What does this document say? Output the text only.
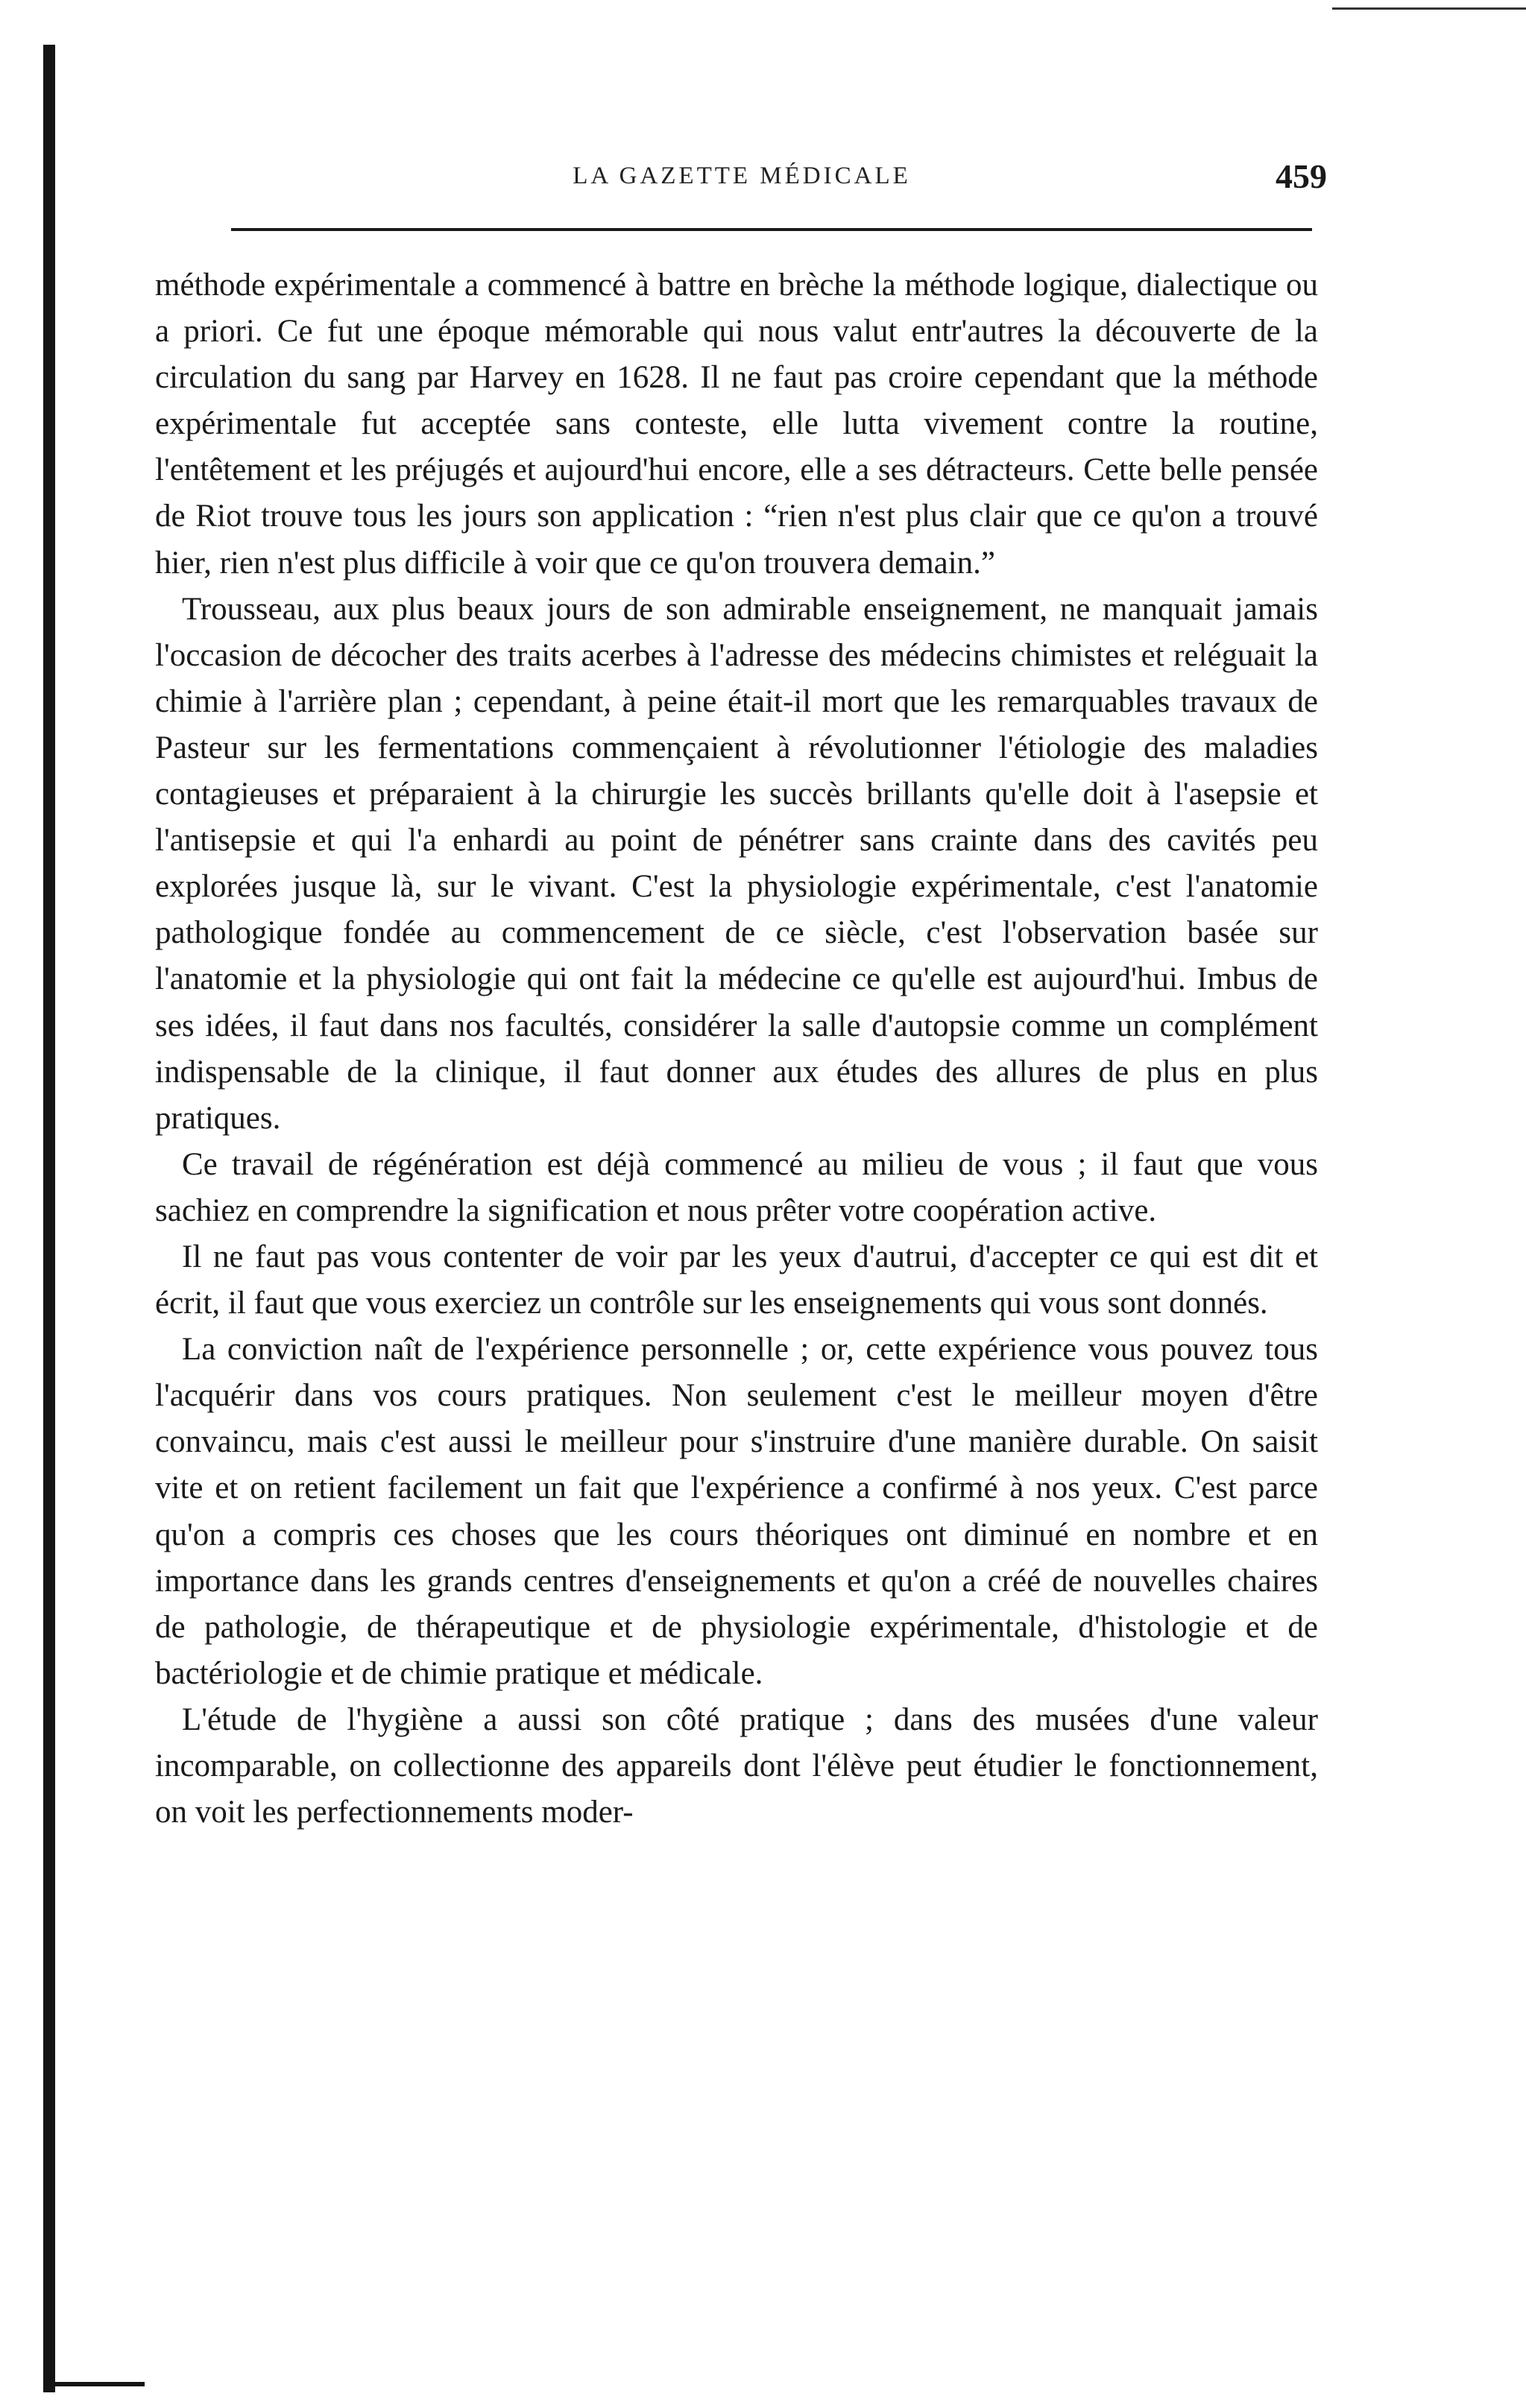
LA GAZETTE MÉDICALE	459

méthode expérimentale a commencé à battre en brèche la méthode logique, dialectique ou a priori. Ce fut une époque mémorable qui nous valut entr'autres la découverte de la circulation du sang par Harvey en 1628. Il ne faut pas croire cependant que la méthode expérimentale fut acceptée sans conteste, elle lutta vivement contre la routine, l'entêtement et les préjugés et aujourd'hui encore, elle a ses détracteurs. Cette belle pensée de Riot trouve tous les jours son application : “rien n'est plus clair que ce qu'on a trouvé hier, rien n'est plus difficile à voir que ce qu'on trouvera demain.”

Trousseau, aux plus beaux jours de son admirable enseignement, ne manquait jamais l'occasion de décocher des traits acerbes à l'adresse des médecins chimistes et reléguait la chimie à l'arrière plan ; cependant, à peine était-il mort que les remarquables travaux de Pasteur sur les fermentations commençaient à révolutionner l'étiologie des maladies contagieuses et préparaient à la chirurgie les succès brillants qu'elle doit à l'asepsie et l'antisepsie et qui l'a enhardi au point de pénétrer sans crainte dans des cavités peu explorées jusque là, sur le vivant. C'est la physiologie expérimentale, c'est l'anatomie pathologique fondée au commencement de ce siècle, c'est l'observation basée sur l'anatomie et la physiologie qui ont fait la médecine ce qu'elle est aujourd'hui. Imbus de ses idées, il faut dans nos facultés, considérer la salle d'autopsie comme un complément indispensable de la clinique, il faut donner aux études des allures de plus en plus pratiques.

Ce travail de régénération est déjà commencé au milieu de vous ; il faut que vous sachiez en comprendre la signification et nous prêter votre coopération active.

Il ne faut pas vous contenter de voir par les yeux d'autrui, d'accepter ce qui est dit et écrit, il faut que vous exerciez un contrôle sur les enseignements qui vous sont donnés.

La conviction naît de l'expérience personnelle ; or, cette expérience vous pouvez tous l'acquérir dans vos cours pratiques. Non seulement c'est le meilleur moyen d'être convaincu, mais c'est aussi le meilleur pour s'instruire d'une manière durable. On saisit vite et on retient facilement un fait que l'expérience a confirmé à nos yeux. C'est parce qu'on a compris ces choses que les cours théoriques ont diminué en nombre et en importance dans les grands centres d'enseignements et qu'on a créé de nouvelles chaires de pathologie, de thérapeutique et de physiologie expérimentale, d'histologie et de bactériologie et de chimie pratique et médicale.

L'étude de l'hygiène a aussi son côté pratique ; dans des musées d'une valeur incomparable, on collectionne des appareils dont l'élève peut étudier le fonctionnement, on voit les perfectionnements moder-
